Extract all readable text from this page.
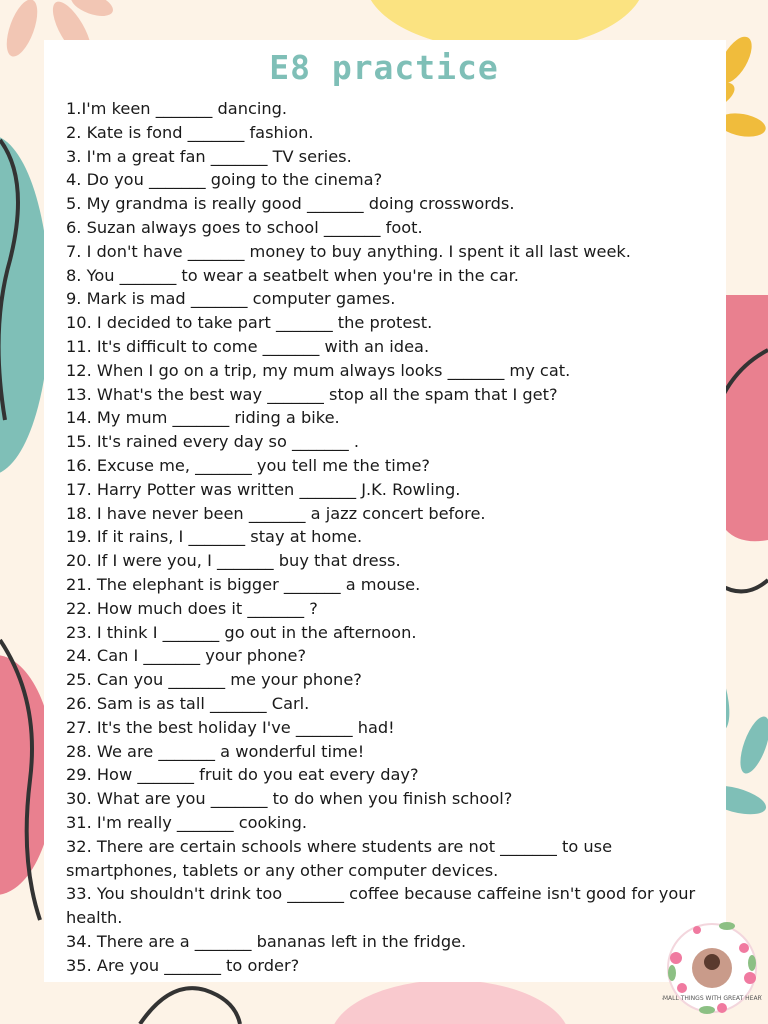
E8 practice
1.I'm keen _______ dancing.
2. Kate is fond _______ fashion.
3. I'm a great fan _______ TV series.
4. Do you _______ going to the cinema?
5. My grandma is really good _______ doing crosswords.
6. Suzan always goes to school _______ foot.
7. I don't have _______ money to buy anything. I spent it all last week.
8. You _______ to wear a seatbelt when you're in the car.
9. Mark is mad _______ computer games.
10. I decided to take part _______ the protest.
11. It's difficult to come _______ with an idea.
12. When I go on a trip, my mum always looks _______ my cat.
13. What's the best way _______ stop all the spam that I get?
14. My mum _______ riding a bike.
15. It's rained every day so _______ .
16. Excuse me, _______ you tell me the time?
17. Harry Potter was written _______ J.K. Rowling.
18. I have never been _______ a jazz concert before.
19. If it rains, I _______ stay at home.
20. If I were you, I _______ buy that dress.
21. The elephant is bigger _______ a mouse.
22. How much does it _______ ?
23. I think I _______ go out in the afternoon.
24. Can I _______ your phone?
25. Can you _______ me your phone?
26. Sam is as tall _______ Carl.
27. It's the best holiday I've _______ had!
28. We are _______ a wonderful time!
29. How _______ fruit do you eat every day?
30. What are you _______ to do when you finish school?
31. I'm really _______ cooking.
32. There are certain schools where students are not _______ to use smartphones, tablets or any other computer devices.
33. You shouldn't drink too _______ coffee because caffeine isn't good for your health.
34. There are a _______ bananas left in the fridge.
35. Are you _______ to order?
SMALL THINGS WITH GREAT HEART
